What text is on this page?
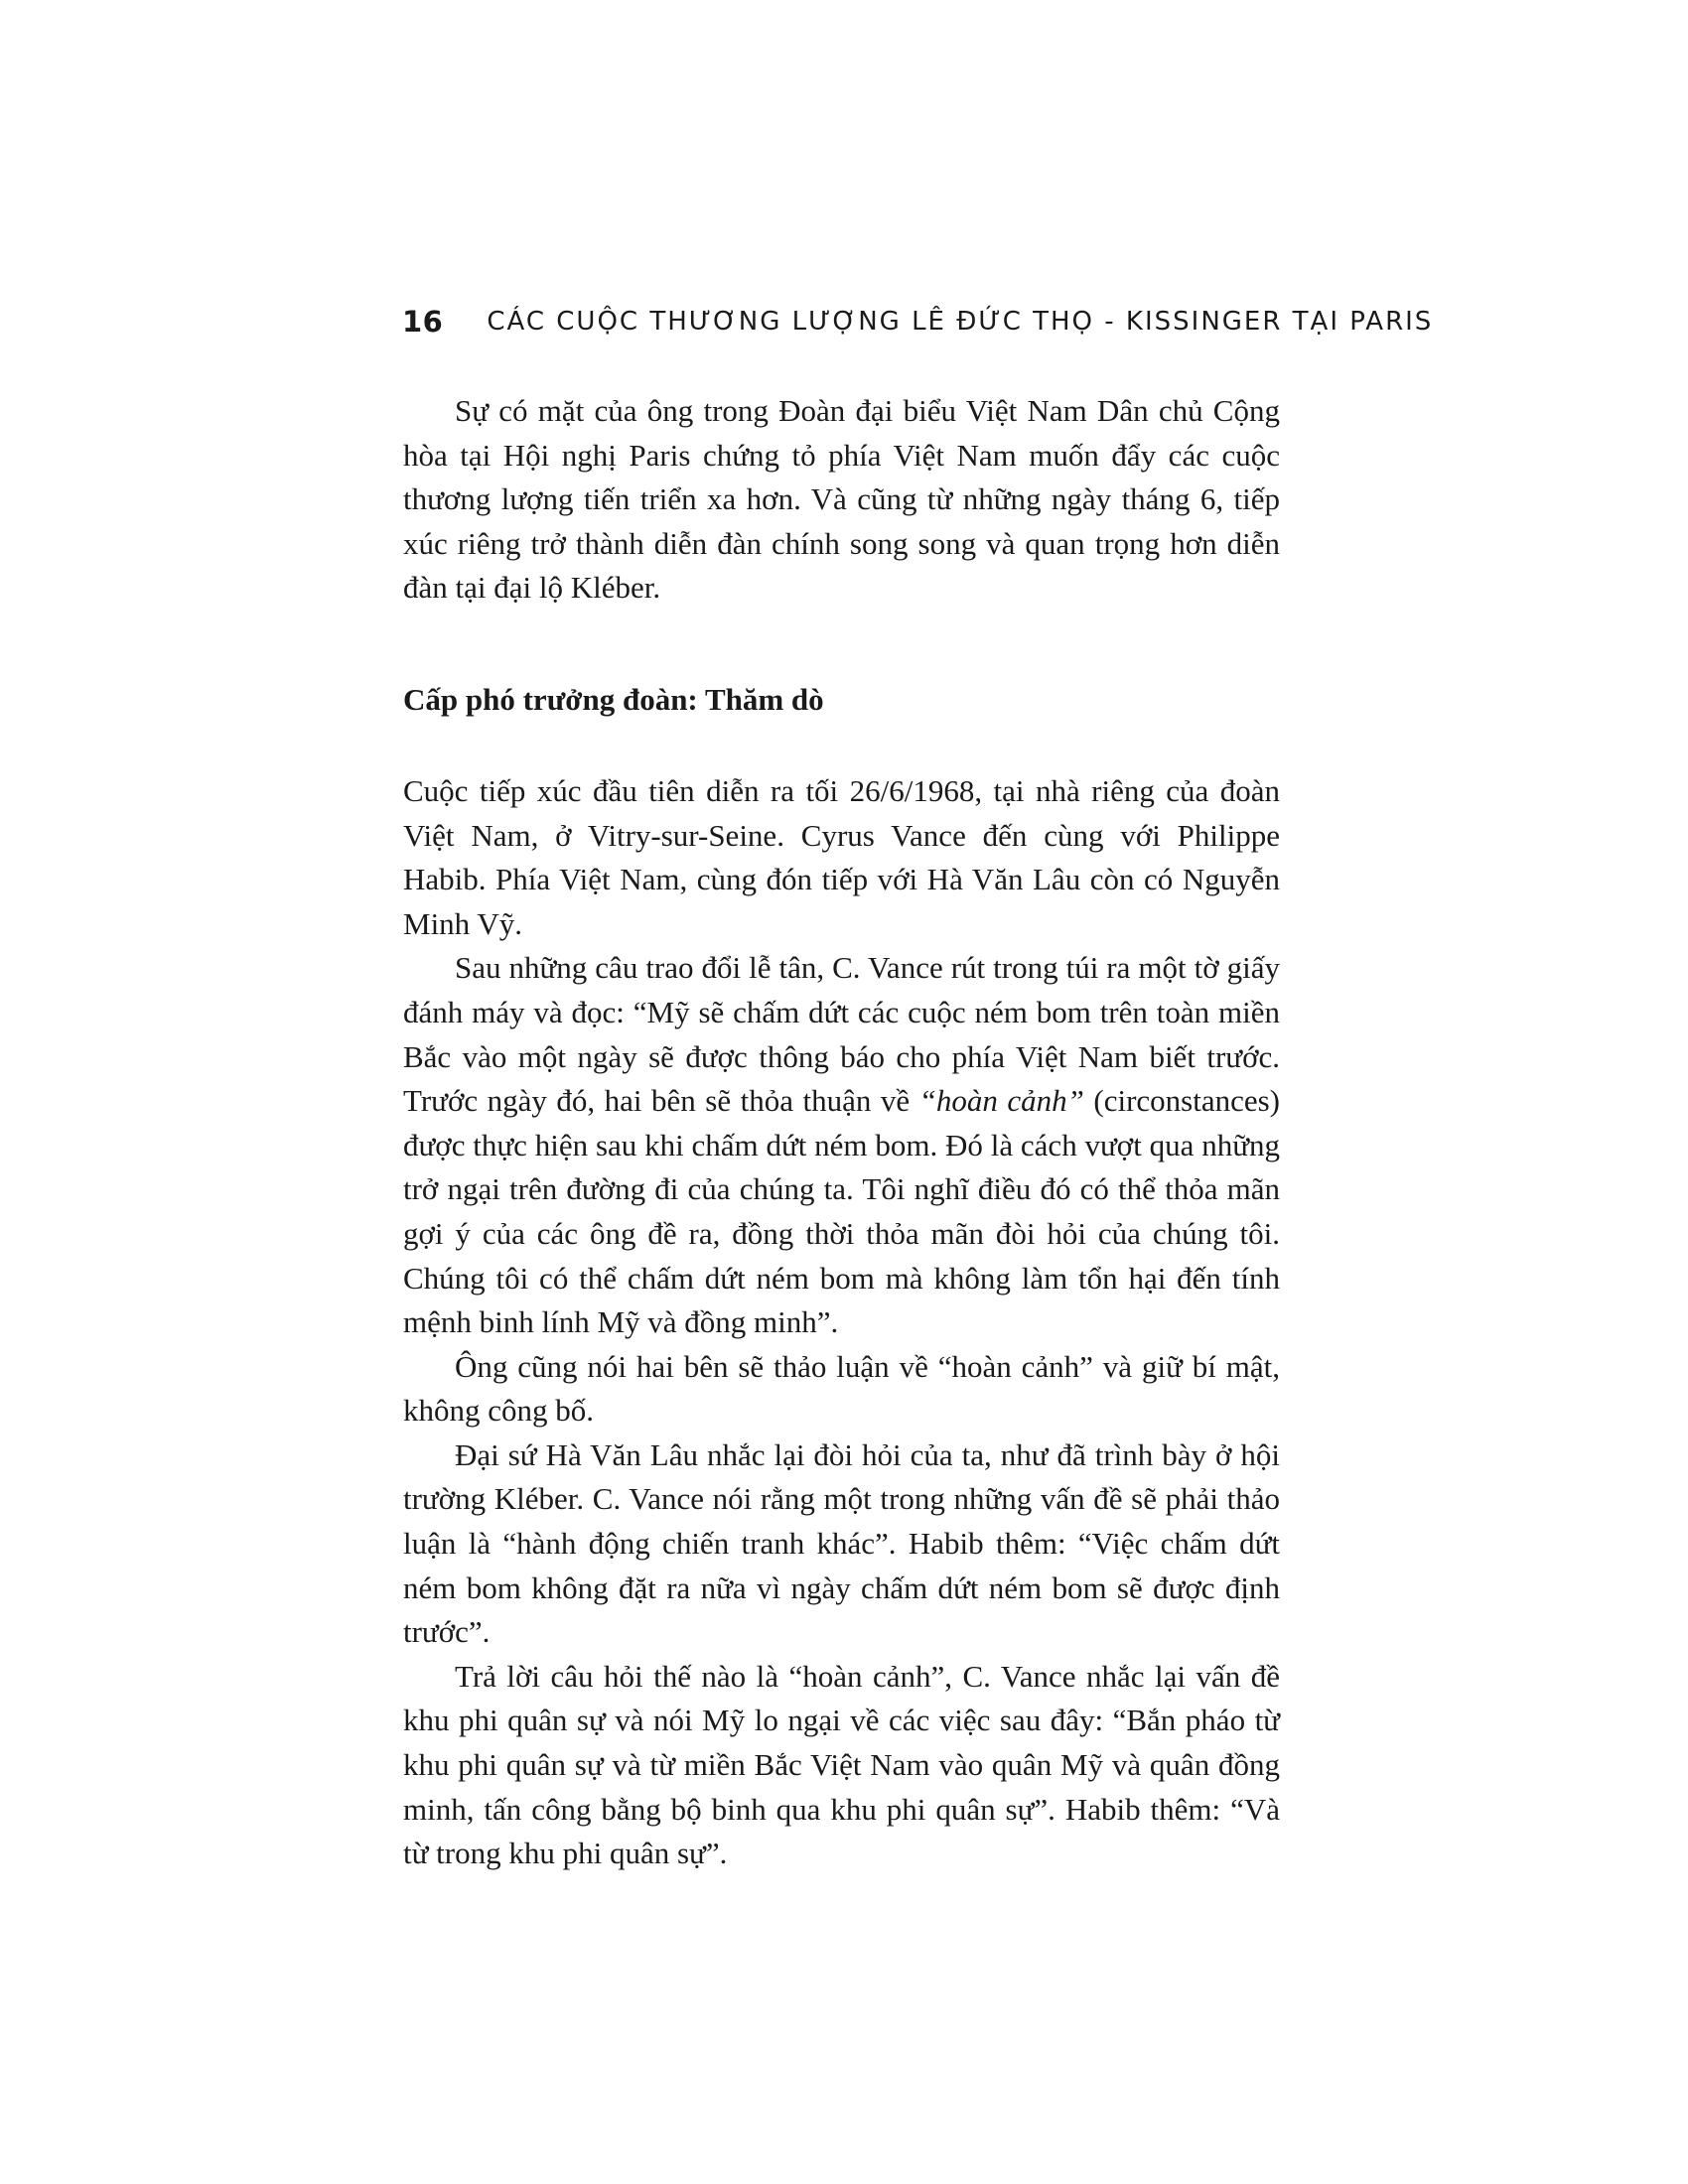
16 CÁC CUỘC THƯƠNG LƯỢNG LÊ ĐỨC THỌ - KISSINGER TẠI PARIS

Sự có mặt của ông trong Đoàn đại biểu Việt Nam Dân chủ Cộng hòa tại Hội nghị Paris chứng tỏ phía Việt Nam muốn đẩy các cuộc thương lượng tiến triển xa hơn. Và cũng từ những ngày tháng 6, tiếp xúc riêng trở thành diễn đàn chính song song và quan trọng hơn diễn đàn tại đại lộ Kléber.

Cấp phó trưởng đoàn: Thăm dò

Cuộc tiếp xúc đầu tiên diễn ra tối 26/6/1968, tại nhà riêng của đoàn Việt Nam, ở Vitry-sur-Seine. Cyrus Vance đến cùng với Philippe Habib. Phía Việt Nam, cùng đón tiếp với Hà Văn Lâu còn có Nguyễn Minh Vỹ.

Sau những câu trao đổi lễ tân, C. Vance rút trong túi ra một tờ giấy đánh máy và đọc: “Mỹ sẽ chấm dứt các cuộc ném bom trên toàn miền Bắc vào một ngày sẽ được thông báo cho phía Việt Nam biết trước. Trước ngày đó, hai bên sẽ thỏa thuận về “hoàn cảnh” (circonstances) được thực hiện sau khi chấm dứt ném bom. Đó là cách vượt qua những trở ngại trên đường đi của chúng ta. Tôi nghĩ điều đó có thể thỏa mãn gợi ý của các ông đề ra, đồng thời thỏa mãn đòi hỏi của chúng tôi. Chúng tôi có thể chấm dứt ném bom mà không làm tổn hại đến tính mệnh binh lính Mỹ và đồng minh”.

Ông cũng nói hai bên sẽ thảo luận về “hoàn cảnh” và giữ bí mật, không công bố.

Đại sứ Hà Văn Lâu nhắc lại đòi hỏi của ta, như đã trình bày ở hội trường Kléber. C. Vance nói rằng một trong những vấn đề sẽ phải thảo luận là “hành động chiến tranh khác”. Habib thêm: “Việc chấm dứt ném bom không đặt ra nữa vì ngày chấm dứt ném bom sẽ được định trước”.

Trả lời câu hỏi thế nào là “hoàn cảnh”, C. Vance nhắc lại vấn đề khu phi quân sự và nói Mỹ lo ngại về các việc sau đây: “Bắn pháo từ khu phi quân sự và từ miền Bắc Việt Nam vào quân Mỹ và quân đồng minh, tấn công bằng bộ binh qua khu phi quân sự”. Habib thêm: “Và từ trong khu phi quân sự”.
